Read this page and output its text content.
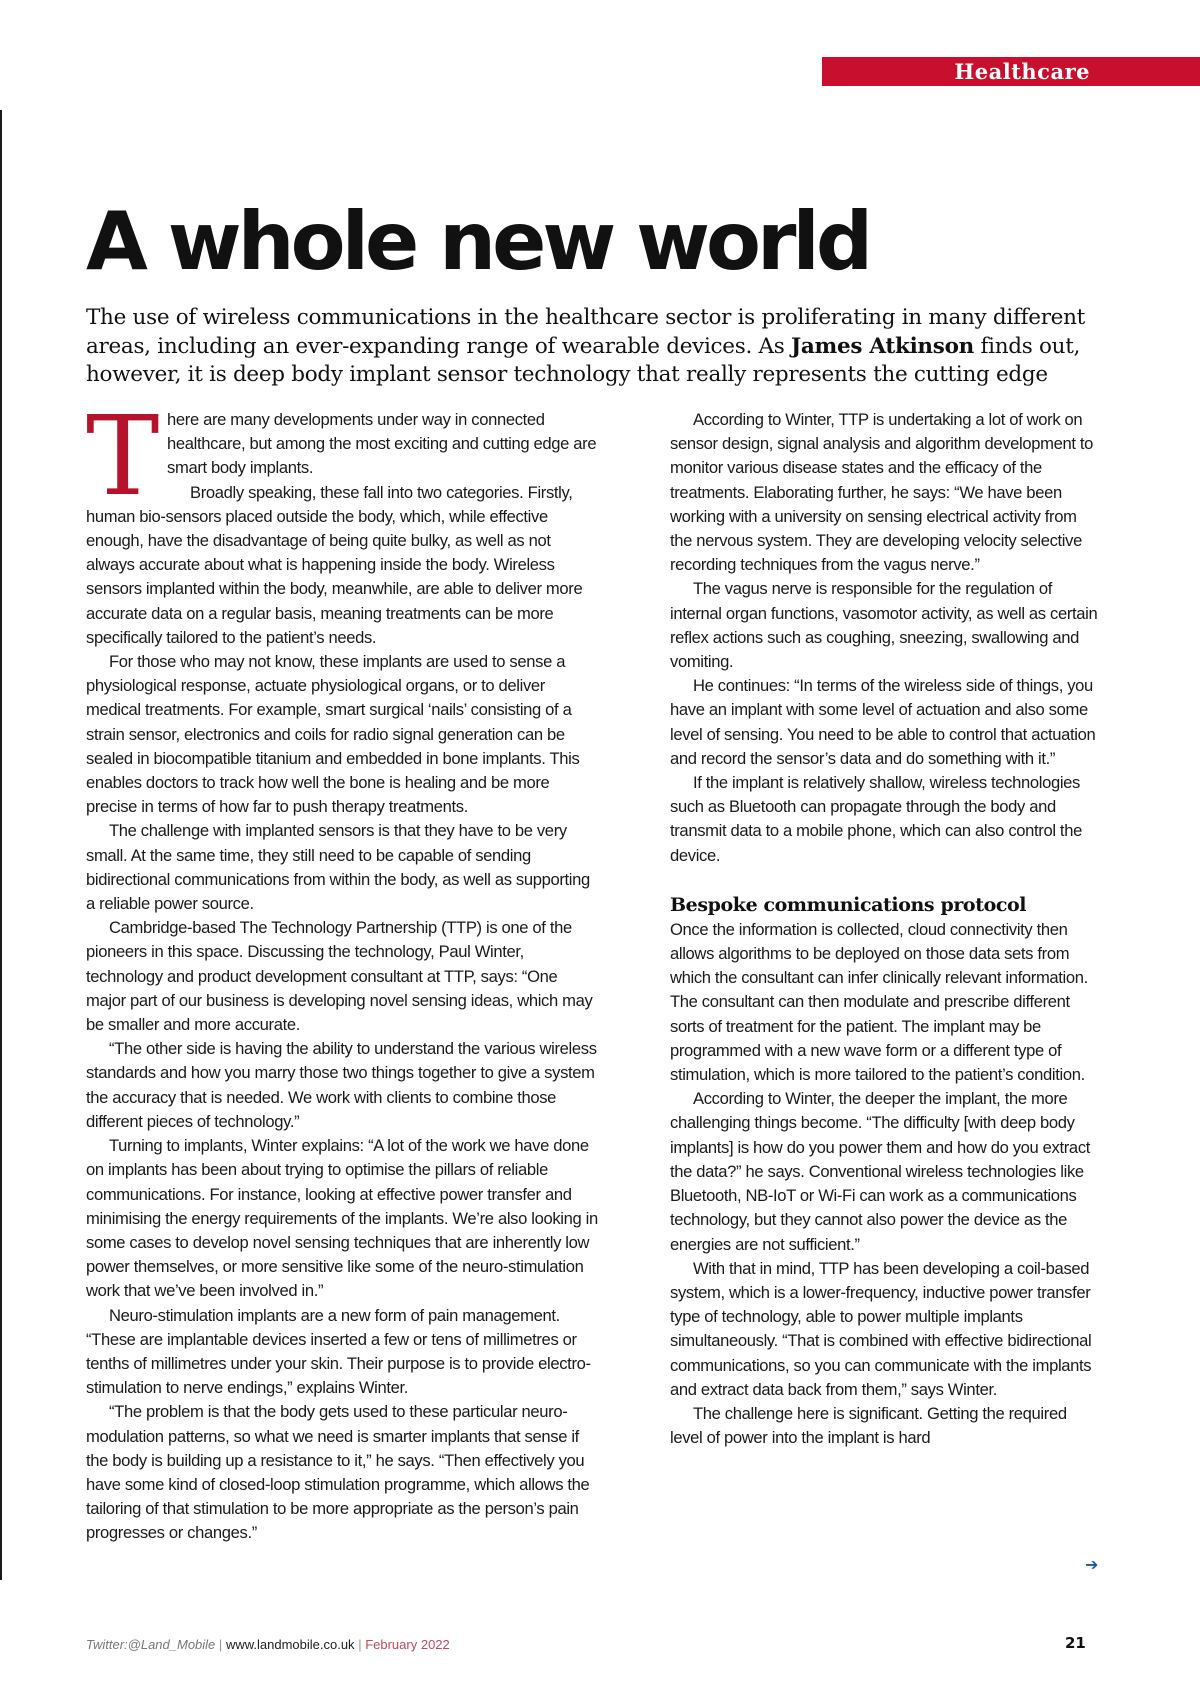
Healthcare
A whole new world

The use of wireless communications in the healthcare sector is proliferating in many different areas, including an ever-expanding range of wearable devices. As James Atkinson finds out, however, it is deep body implant sensor technology that really represents the cutting edge

There are many developments under way in connected healthcare, but among the most exciting and cutting edge are smart body implants.

Broadly speaking, these fall into two categories. Firstly, human bio-sensors placed outside the body, which, while effective enough, have the disadvantage of being quite bulky, as well as not always accurate about what is happening inside the body. Wireless sensors implanted within the body, meanwhile, are able to deliver more accurate data on a regular basis, meaning treatments can be more specifically tailored to the patient’s needs.

For those who may not know, these implants are used to sense a physiological response, actuate physiological organs, or to deliver medical treatments. For example, smart surgical ‘nails’ consisting of a strain sensor, electronics and coils for radio signal generation can be sealed in biocompatible titanium and embedded in bone implants. This enables doctors to track how well the bone is healing and be more precise in terms of how far to push therapy treatments.

The challenge with implanted sensors is that they have to be very small. At the same time, they still need to be capable of sending bidirectional communications from within the body, as well as supporting a reliable power source.

Cambridge-based The Technology Partnership (TTP) is one of the pioneers in this space. Discussing the technology, Paul Winter, technology and product development consultant at TTP, says: “One major part of our business is developing novel sensing ideas, which may be smaller and more accurate.

“The other side is having the ability to understand the various wireless standards and how you marry those two things together to give a system the accuracy that is needed. We work with clients to combine those different pieces of technology.”

Turning to implants, Winter explains: “A lot of the work we have done on implants has been about trying to optimise the pillars of reliable communications. For instance, looking at effective power transfer and minimising the energy requirements of the implants. We’re also looking in some cases to develop novel sensing techniques that are inherently low power themselves, or more sensitive like some of the neuro-stimulation work that we’ve been involved in.”

Neuro-stimulation implants are a new form of pain management. “These are implantable devices inserted a few or tens of millimetres or tenths of millimetres under your skin. Their purpose is to provide electro-stimulation to nerve endings,” explains Winter.

“The problem is that the body gets used to these particular neuro-modulation patterns, so what we need is smarter implants that sense if the body is building up a resistance to it,” he says. “Then effectively you have some kind of closed-loop stimulation programme, which allows the tailoring of that stimulation to be more appropriate as the person’s pain progresses or changes.”

According to Winter, TTP is undertaking a lot of work on sensor design, signal analysis and algorithm development to monitor various disease states and the efficacy of the treatments. Elaborating further, he says: “We have been working with a university on sensing electrical activity from the nervous system. They are developing velocity selective recording techniques from the vagus nerve.”

The vagus nerve is responsible for the regulation of internal organ functions, vasomotor activity, as well as certain reflex actions such as coughing, sneezing, swallowing and vomiting.

He continues: “In terms of the wireless side of things, you have an implant with some level of actuation and also some level of sensing. You need to be able to control that actuation and record the sensor’s data and do something with it.”

If the implant is relatively shallow, wireless technologies such as Bluetooth can propagate through the body and transmit data to a mobile phone, which can also control the device.

Bespoke communications protocol

Once the information is collected, cloud connectivity then allows algorithms to be deployed on those data sets from which the consultant can infer clinically relevant information. The consultant can then modulate and prescribe different sorts of treatment for the patient. The implant may be programmed with a new wave form or a different type of stimulation, which is more tailored to the patient’s condition.

According to Winter, the deeper the implant, the more challenging things become. “The difficulty [with deep body implants] is how do you power them and how do you extract the data?” he says. Conventional wireless technologies like Bluetooth, NB-IoT or Wi-Fi can work as a communications technology, but they cannot also power the device as the energies are not sufficient.”

With that in mind, TTP has been developing a coil-based system, which is a lower-frequency, inductive power transfer type of technology, able to power multiple implants simultaneously. “That is combined with effective bidirectional communications, so you can communicate with the implants and extract data back from them,” says Winter.

The challenge here is significant. Getting the required level of power into the implant is hard

➔
Twitter:@Land_Mobile | www.landmobile.co.uk | February 2022	21
